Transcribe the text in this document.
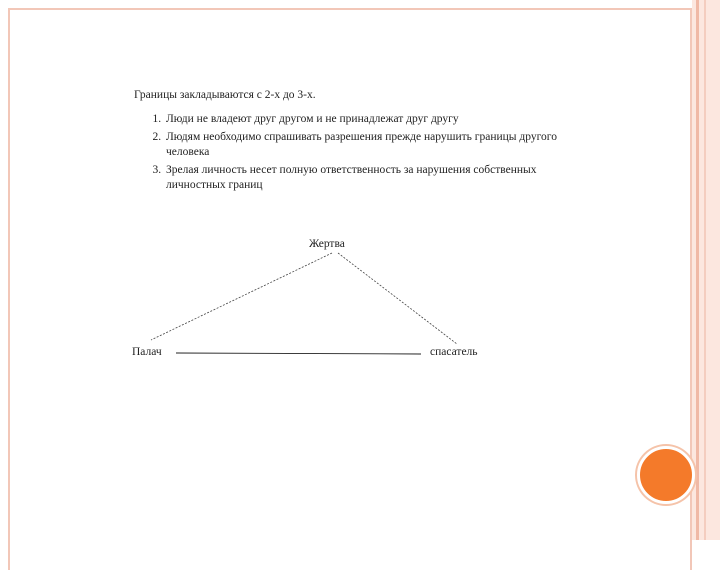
Границы закладываются с 2-х до 3-х.
1. Люди не владеют друг другом и не принадлежат друг другу
2. Людям необходимо спрашивать разрешения прежде нарушить границы другого человека
3. Зрелая личность несет полную ответственность за нарушения собственных личностных границ
Жертва
Палач	спасатель
